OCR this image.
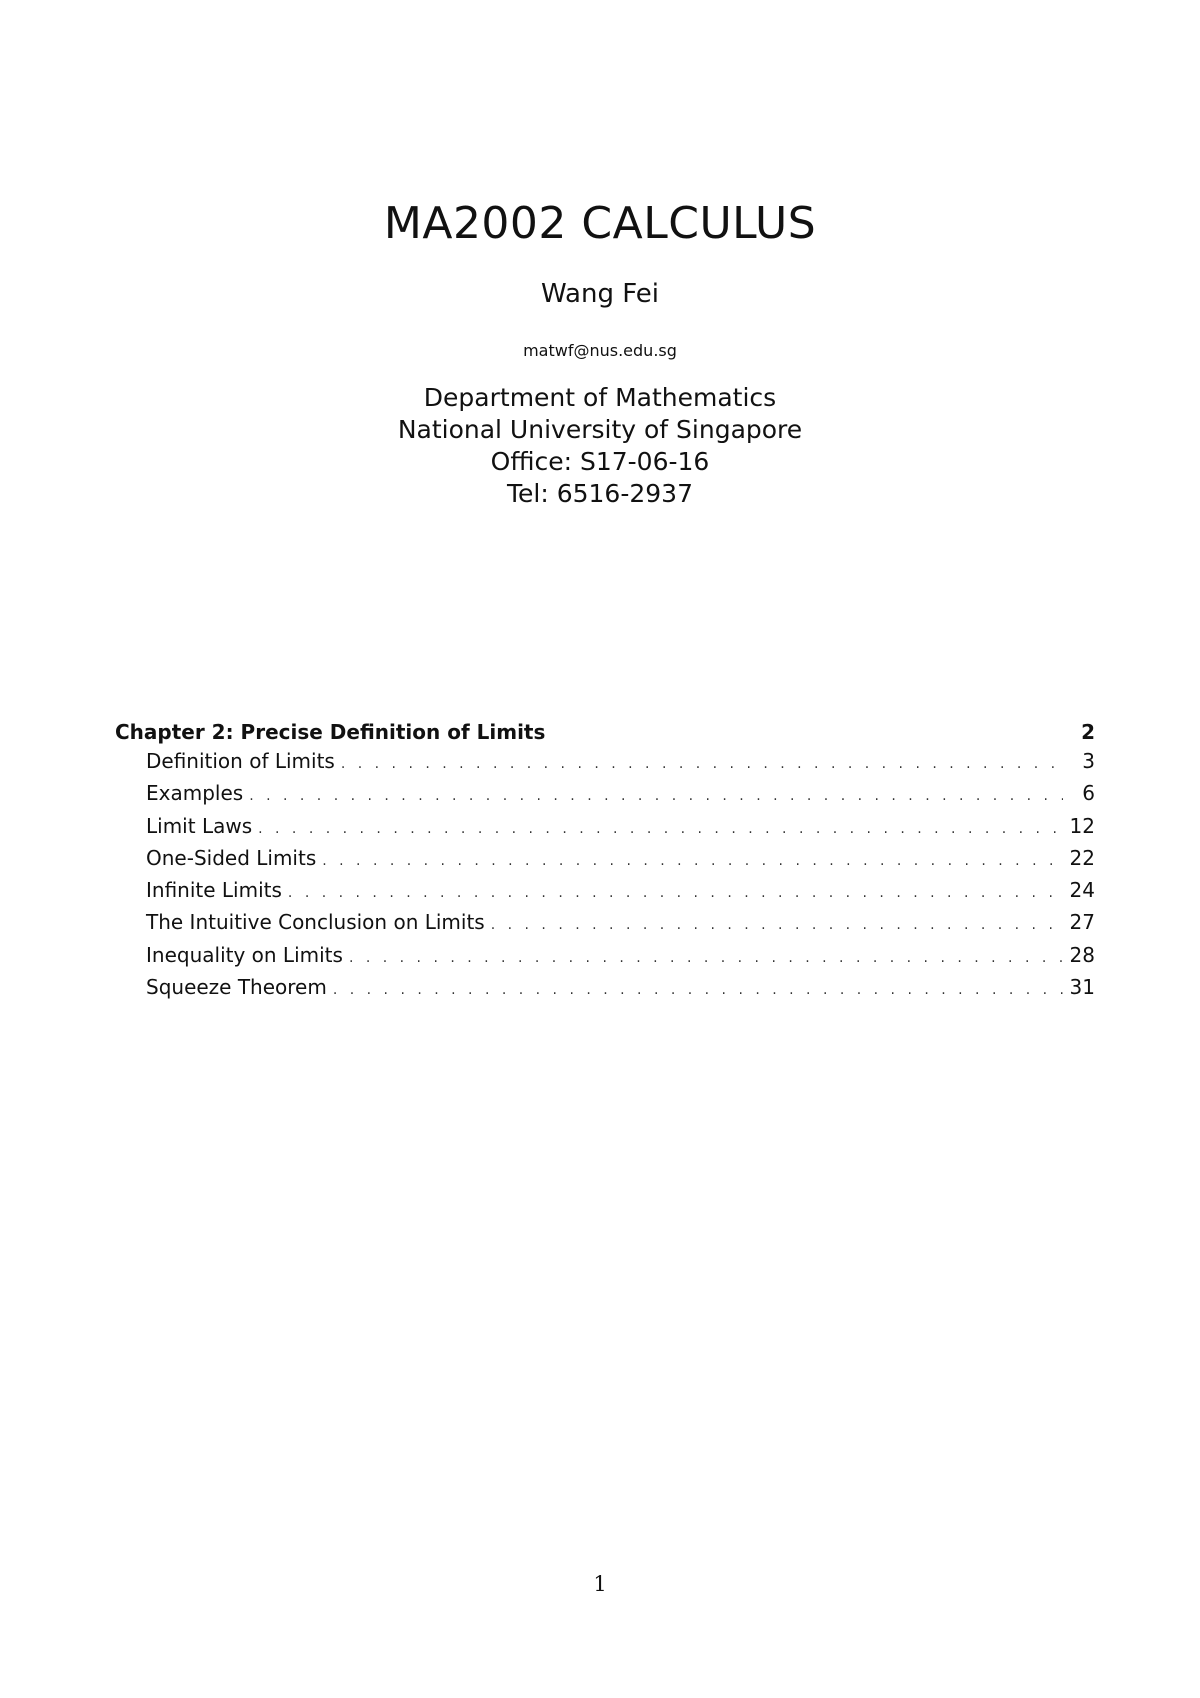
MA2002 CALCULUS
Wang Fei
matwf@nus.edu.sg
Department of Mathematics
National University of Singapore
Office: S17-06-16
Tel: 6516-2937
Chapter 2: Precise Definition of Limits	2
Definition of Limits . . .	3
Examples . . .	6
Limit Laws . . .	12
One-Sided Limits . . .	22
Infinite Limits . . .	24
The Intuitive Conclusion on Limits . . .	27
Inequality on Limits . . .	28
Squeeze Theorem . . .	31
1
